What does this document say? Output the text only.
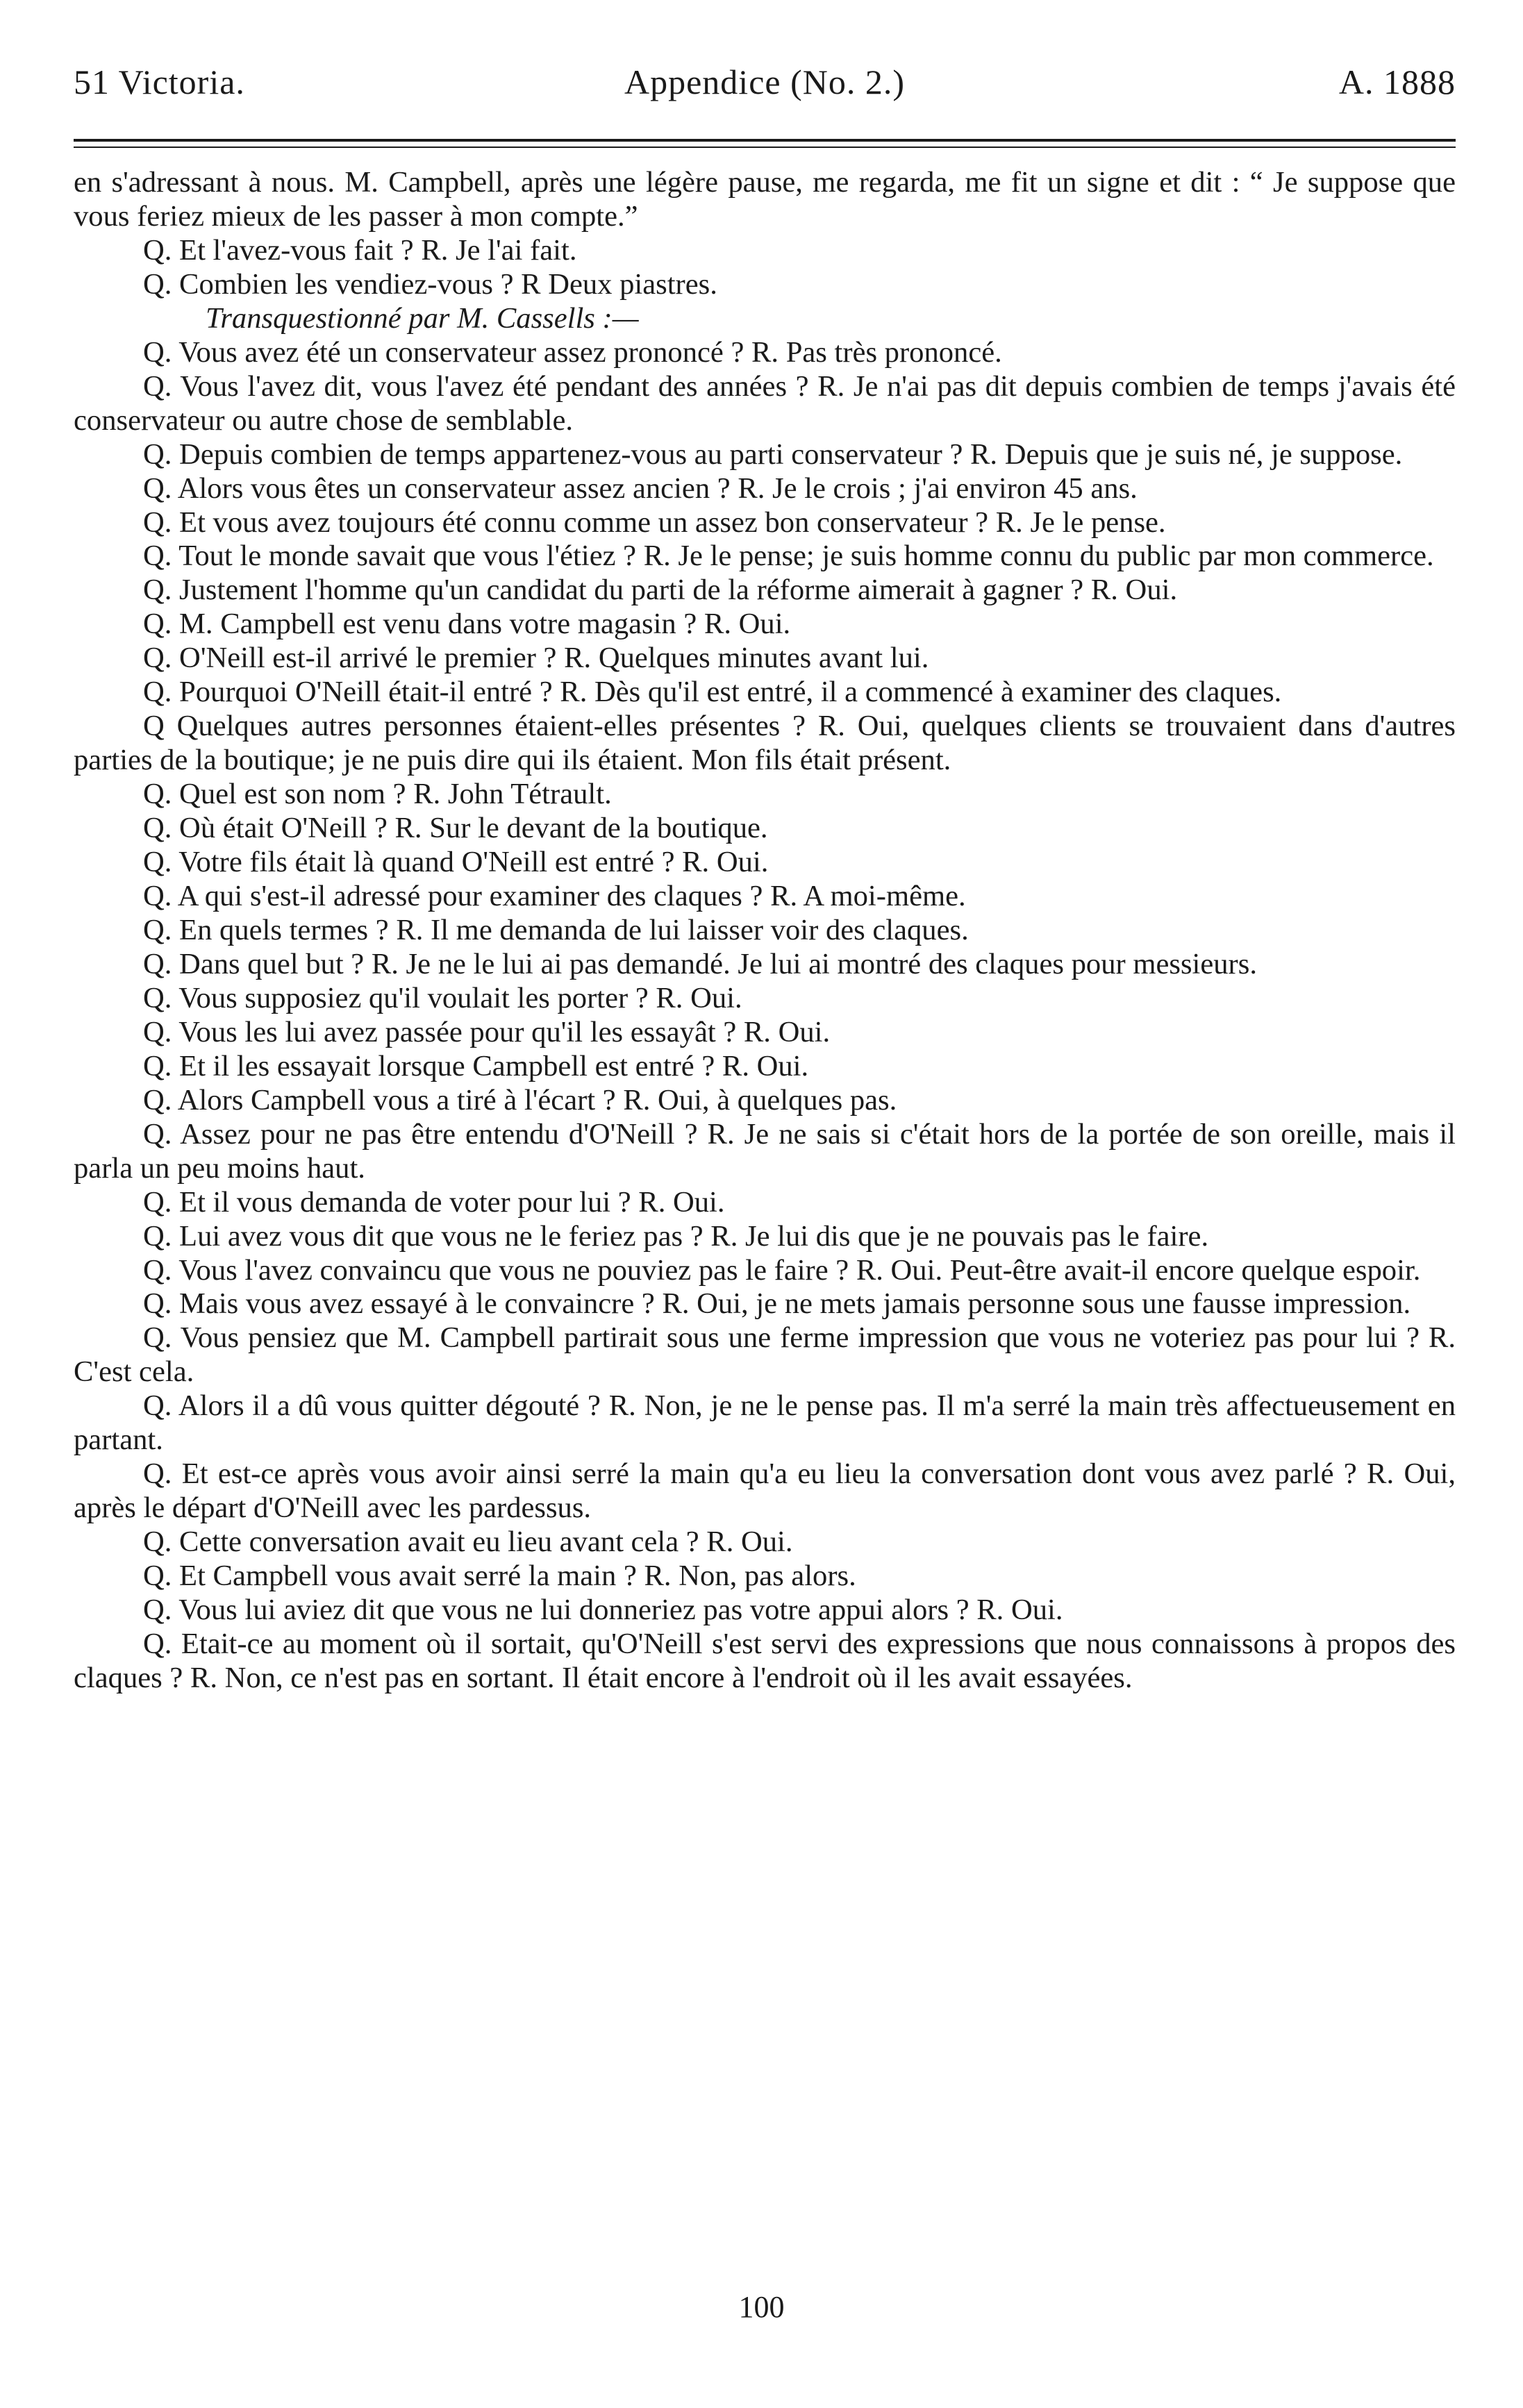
51 Victoria.	Appendice (No. 2.)	A. 1888

en s'adressant à nous. M. Campbell, après une légère pause, me regarda, me fit un signe et dit : “ Je suppose que vous feriez mieux de les passer à mon compte.”

Q. Et l'avez-vous fait ? R. Je l'ai fait.

Q. Combien les vendiez-vous ? R Deux piastres.

Transquestionné par M. Cassells :—

Q. Vous avez été un conservateur assez prononcé ? R. Pas très prononcé.

Q. Vous l'avez dit, vous l'avez été pendant des années ? R. Je n'ai pas dit depuis combien de temps j'avais été conservateur ou autre chose de semblable.

Q. Depuis combien de temps appartenez-vous au parti conservateur ? R. Depuis que je suis né, je suppose.

Q. Alors vous êtes un conservateur assez ancien ? R. Je le crois ; j'ai environ 45 ans.

Q. Et vous avez toujours été connu comme un assez bon conservateur ? R. Je le pense.

Q. Tout le monde savait que vous l'étiez ? R. Je le pense; je suis homme connu du public par mon commerce.

Q. Justement l'homme qu'un candidat du parti de la réforme aimerait à gagner ? R. Oui.

Q. M. Campbell est venu dans votre magasin ? R. Oui.

Q. O'Neill est-il arrivé le premier ? R. Quelques minutes avant lui.

Q. Pourquoi O'Neill était-il entré ? R. Dès qu'il est entré, il a commencé à examiner des claques.

Q Quelques autres personnes étaient-elles présentes ? R. Oui, quelques clients se trouvaient dans d'autres parties de la boutique; je ne puis dire qui ils étaient. Mon fils était présent.

Q. Quel est son nom ? R. John Tétrault.

Q. Où était O'Neill ? R. Sur le devant de la boutique.

Q. Votre fils était là quand O'Neill est entré ? R. Oui.

Q. A qui s'est-il adressé pour examiner des claques ? R. A moi-même.

Q. En quels termes ? R. Il me demanda de lui laisser voir des claques.

Q. Dans quel but ? R. Je ne le lui ai pas demandé. Je lui ai montré des claques pour messieurs.

Q. Vous supposiez qu'il voulait les porter ? R. Oui.

Q. Vous les lui avez passée pour qu'il les essayât ? R. Oui.

Q. Et il les essayait lorsque Campbell est entré ? R. Oui.

Q. Alors Campbell vous a tiré à l'écart ? R. Oui, à quelques pas.

Q. Assez pour ne pas être entendu d'O'Neill ? R. Je ne sais si c'était hors de la portée de son oreille, mais il parla un peu moins haut.

Q. Et il vous demanda de voter pour lui ? R. Oui.

Q. Lui avez vous dit que vous ne le feriez pas ? R. Je lui dis que je ne pouvais pas le faire.

Q. Vous l'avez convaincu que vous ne pouviez pas le faire ? R. Oui. Peut-être avait-il encore quelque espoir.

Q. Mais vous avez essayé à le convaincre ? R. Oui, je ne mets jamais personne sous une fausse impression.

Q. Vous pensiez que M. Campbell partirait sous une ferme impression que vous ne voteriez pas pour lui ? R. C'est cela.

Q. Alors il a dû vous quitter dégouté ? R. Non, je ne le pense pas. Il m'a serré la main très affectueusement en partant.

Q. Et est-ce après vous avoir ainsi serré la main qu'a eu lieu la conversation dont vous avez parlé ? R. Oui, après le départ d'O'Neill avec les pardessus.

Q. Cette conversation avait eu lieu avant cela ? R. Oui.

Q. Et Campbell vous avait serré la main ? R. Non, pas alors.

Q. Vous lui aviez dit que vous ne lui donneriez pas votre appui alors ? R. Oui.

Q. Etait-ce au moment où il sortait, qu'O'Neill s'est servi des expressions que nous connaissons à propos des claques ? R. Non, ce n'est pas en sortant. Il était encore à l'endroit où il les avait essayées.

100
